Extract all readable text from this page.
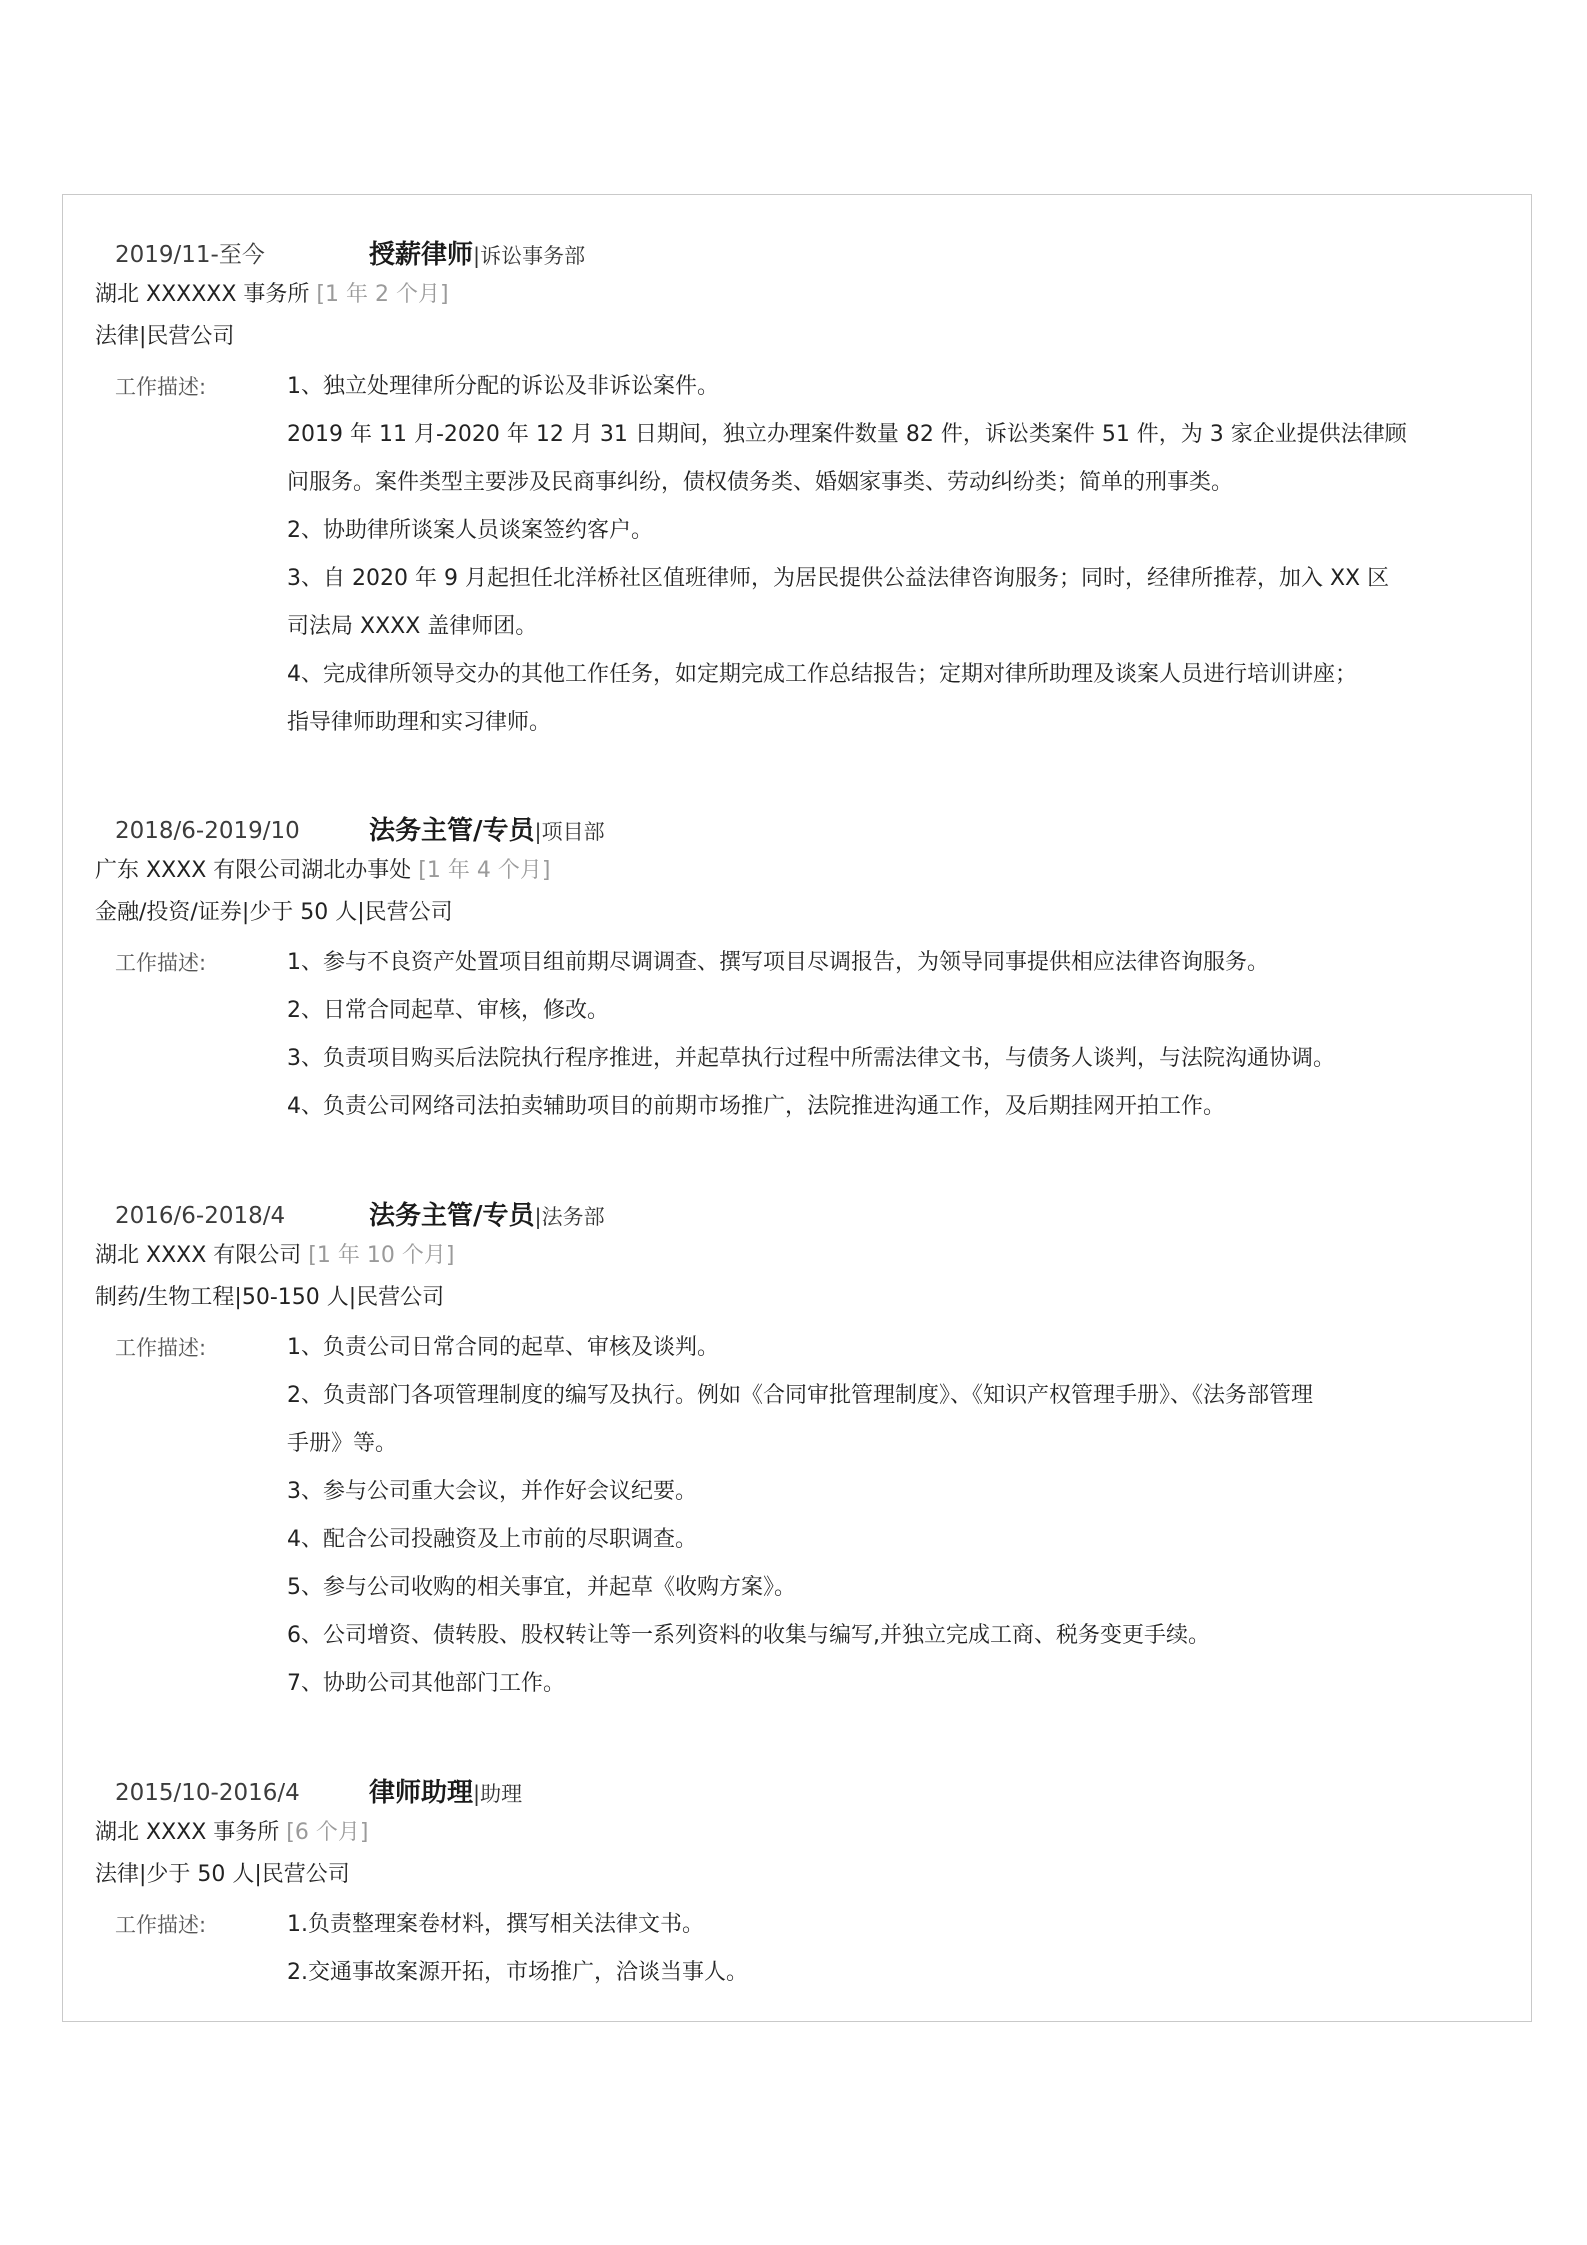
2019/11-至今	授薪律师|诉讼事务部
湖北 XXXXXX 事务所 [1 年 2 个月]
法律|民营公司
工作描述:	1、独立处理律所分配的诉讼及非诉讼案件。
2019 年 11 月-2020 年 12 月 31 日期间，独立办理案件数量 82 件，诉讼类案件 51 件，为 3 家企业提供法律顾
问服务。案件类型主要涉及民商事纠纷，债权债务类、婚姻家事类、劳动纠纷类；简单的刑事类。
2、协助律所谈案人员谈案签约客户。
3、自 2020 年 9 月起担任北洋桥社区值班律师，为居民提供公益法律咨询服务；同时，经律所推荐，加入 XX 区
司法局 XXXX 盖律师团。
4、完成律所领导交办的其他工作任务，如定期完成工作总结报告；定期对律所助理及谈案人员进行培训讲座；
指导律师助理和实习律师。
2018/6-2019/10	法务主管/专员|项目部
广东 XXXX 有限公司湖北办事处 [1 年 4 个月]
金融/投资/证券|少于 50 人|民营公司
工作描述:	1、参与不良资产处置项目组前期尽调调查、撰写项目尽调报告，为领导同事提供相应法律咨询服务。
2、日常合同起草、审核，修改。
3、负责项目购买后法院执行程序推进，并起草执行过程中所需法律文书，与债务人谈判，与法院沟通协调。
4、负责公司网络司法拍卖辅助项目的前期市场推广，法院推进沟通工作，及后期挂网开拍工作。
2016/6-2018/4	法务主管/专员|法务部
湖北 XXXX 有限公司 [1 年 10 个月]
制药/生物工程|50-150 人|民营公司
工作描述:	1、负责公司日常合同的起草、审核及谈判。
2、负责部门各项管理制度的编写及执行。例如《合同审批管理制度》、《知识产权管理手册》、《法务部管理
手册》等。
3、参与公司重大会议，并作好会议纪要。
4、配合公司投融资及上市前的尽职调查。
5、参与公司收购的相关事宜，并起草《收购方案》。
6、公司增资、债转股、股权转让等一系列资料的收集与编写,并独立完成工商、税务变更手续。
7、协助公司其他部门工作。
2015/10-2016/4	律师助理|助理
湖北 XXXX 事务所 [6 个月]
法律|少于 50 人|民营公司
工作描述:	1.负责整理案卷材料，撰写相关法律文书。
2.交通事故案源开拓，市场推广，洽谈当事人。
